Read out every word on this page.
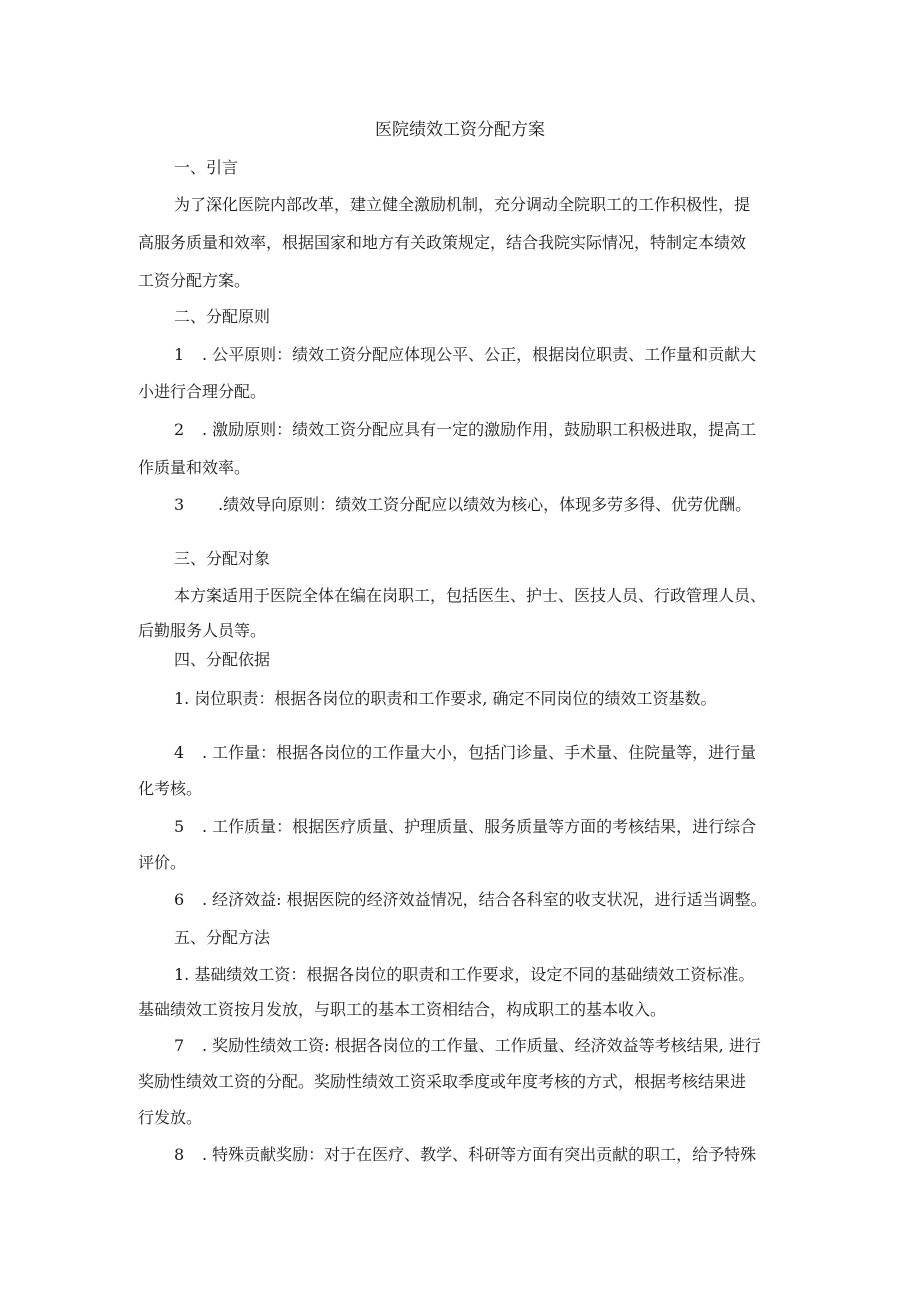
医院绩效工资分配方案
一、引言
为了深化医院内部改革，建立健全激励机制，充分调动全院职工的工作积极性，提
高服务质量和效率，根据国家和地方有关政策规定，结合我院实际情况，特制定本绩效
工资分配方案。
二、分配原则
1 . 公平原则：绩效工资分配应体现公平、公正，根据岗位职责、工作量和贡献大
小进行合理分配。
2 . 激励原则：绩效工资分配应具有一定的激励作用，鼓励职工积极进取，提高工
作质量和效率。
3 .绩效导向原则：绩效工资分配应以绩效为核心，体现多劳多得、优劳优酬。
三、分配对象
本方案适用于医院全体在编在岗职工，包括医生、护士、医技人员、行政管理人员、
后勤服务人员等。
四、分配依据
1. 岗位职责：根据各岗位的职责和工作要求, 确定不同岗位的绩效工资基数。
4 . 工作量：根据各岗位的工作量大小，包括门诊量、手术量、住院量等，进行量
化考核。
5 . 工作质量：根据医疗质量、护理质量、服务质量等方面的考核结果，进行综合
评价。
6 . 经济效益: 根据医院的经济效益情况，结合各科室的收支状况，进行适当调整。
五、分配方法
1. 基础绩效工资：根据各岗位的职责和工作要求，设定不同的基础绩效工资标准。
基础绩效工资按月发放，与职工的基本工资相结合，构成职工的基本收入。
7 . 奖励性绩效工资: 根据各岗位的工作量、工作质量、经济效益等考核结果, 进行
奖励性绩效工资的分配。奖励性绩效工资采取季度或年度考核的方式，根据考核结果进
行发放。
8 . 特殊贡献奖励：对于在医疗、教学、科研等方面有突出贡献的职工，给予特殊
